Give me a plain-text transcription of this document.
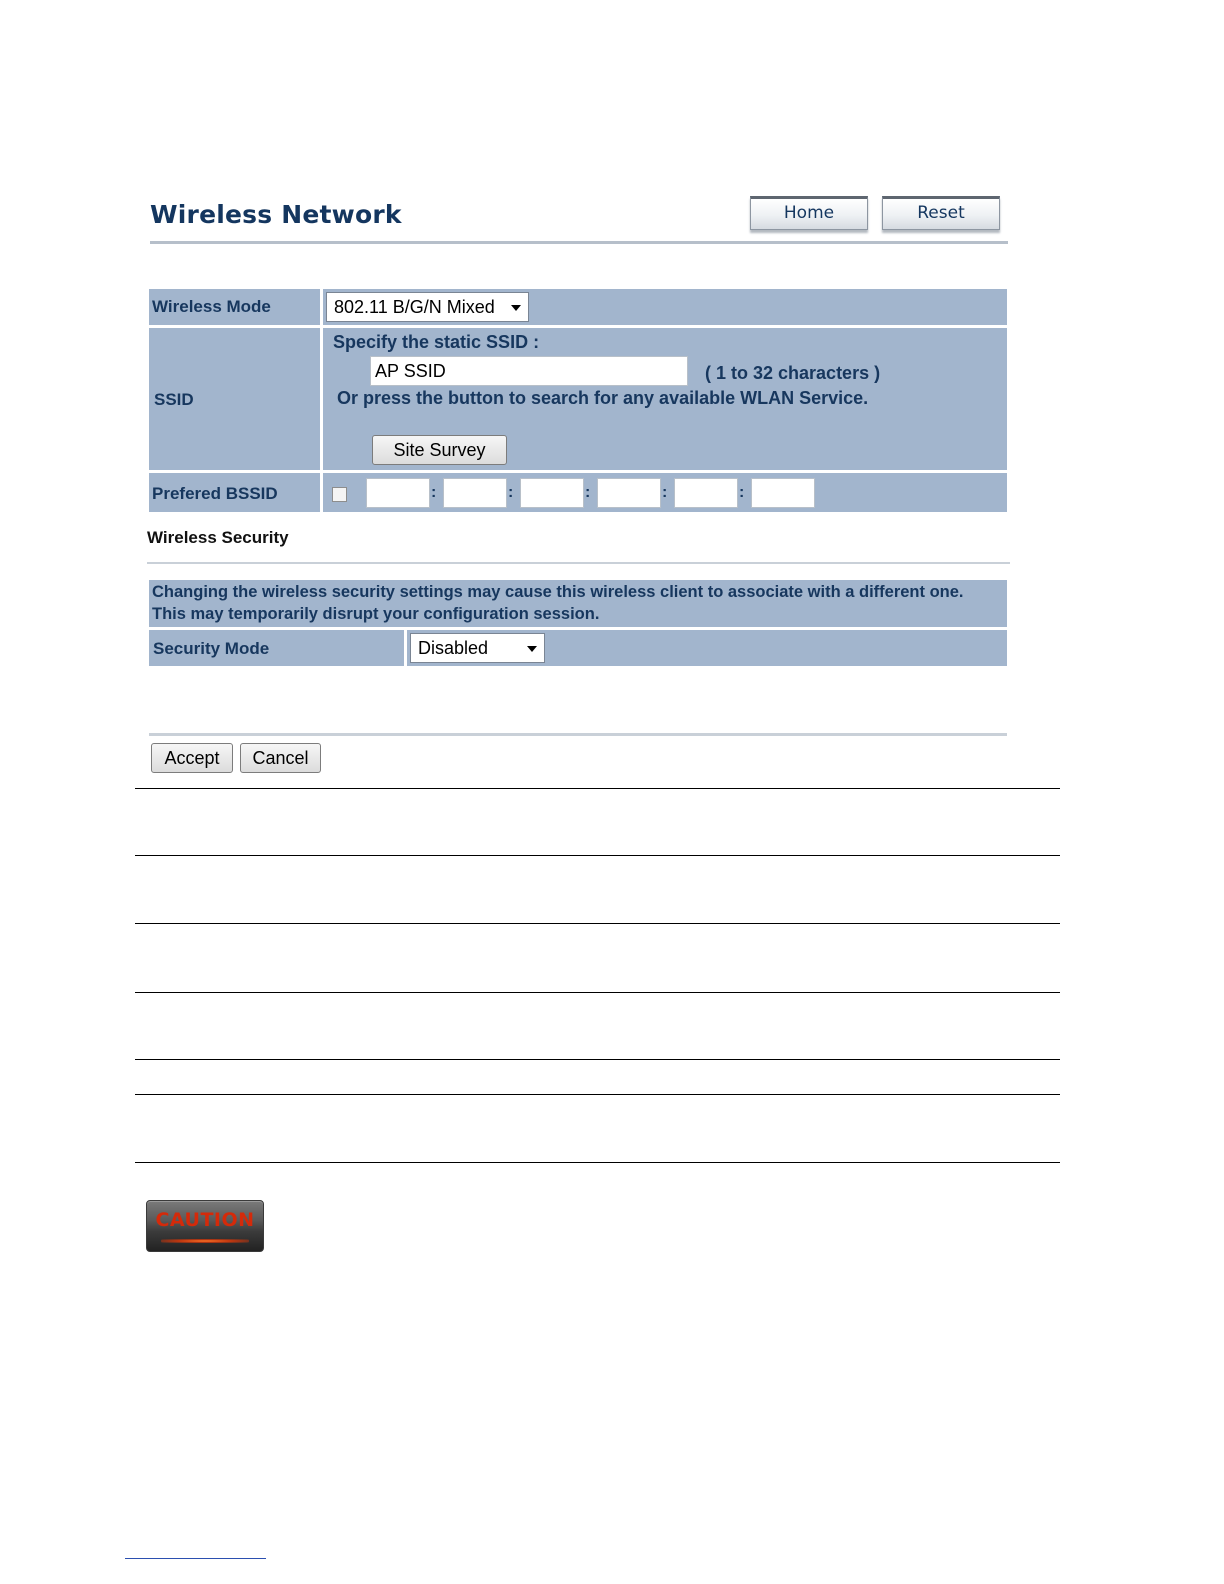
Wireless Network	Home	Reset
Wireless Mode	802.11 B/G/N Mixed
SSID
Specify the static SSID :
AP SSID	( 1 to 32 characters )
Or press the button to search for any available WLAN Service.
Site Survey
Prefered BSSID	:	:	:	:	:
Wireless Security
Changing the wireless security settings may cause this wireless client to associate with a different one.
This may temporarily disrupt your configuration session.
Security Mode	Disabled
Accept	Cancel
CAUTION
